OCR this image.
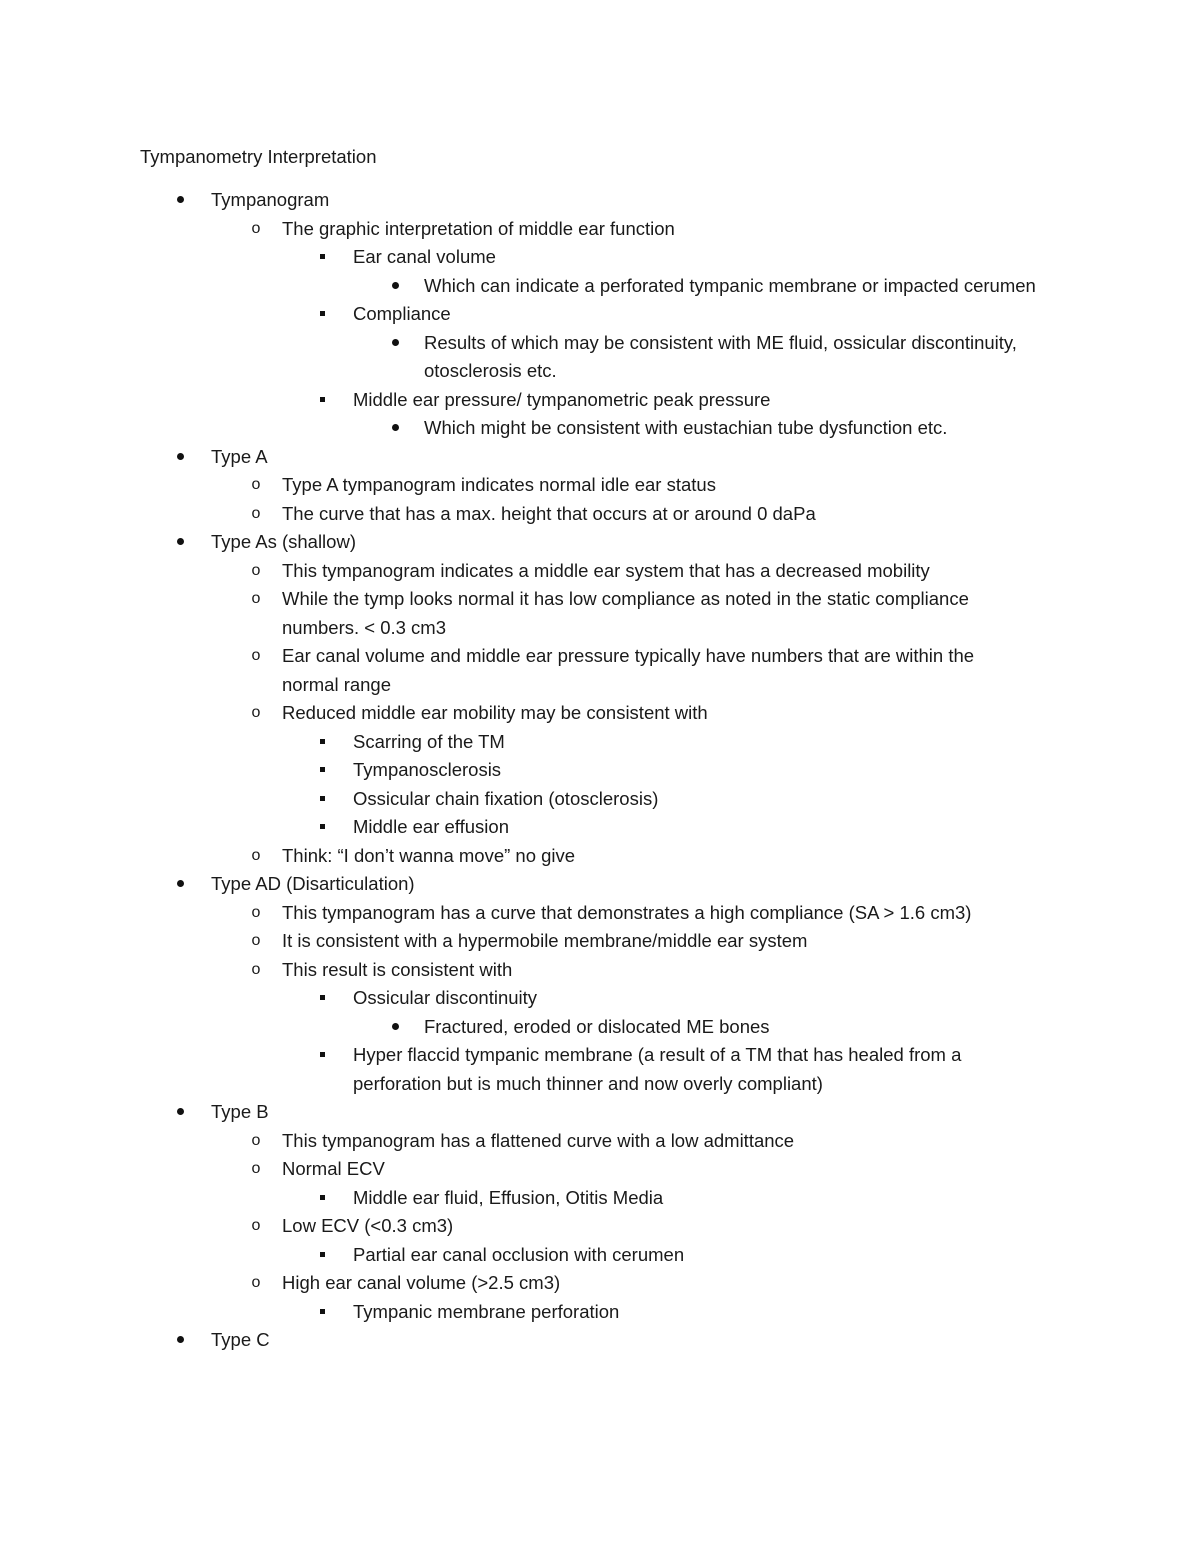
Tympanometry Interpretation
Tympanogram
o The graphic interpretation of middle ear function
Ear canal volume
Which can indicate a perforated tympanic membrane or impacted cerumen
Compliance
Results of which may be consistent with ME fluid, ossicular discontinuity, otosclerosis etc.
Middle ear pressure/ tympanometric peak pressure
Which might be consistent with eustachian tube dysfunction etc.
Type A
o Type A tympanogram indicates normal idle ear status
o The curve that has a max. height that occurs at or around 0 daPa
Type As (shallow)
o This tympanogram indicates a middle ear system that has a decreased mobility
o While the tymp looks normal it has low compliance as noted in the static compliance numbers. < 0.3 cm3
o Ear canal volume and middle ear pressure typically have numbers that are within the normal range
o Reduced middle ear mobility may be consistent with
Scarring of the TM
Tympanosclerosis
Ossicular chain fixation (otosclerosis)
Middle ear effusion
o Think: “I don’t wanna move” no give
Type AD (Disarticulation)
o This tympanogram has a curve that demonstrates a high compliance (SA > 1.6 cm3)
o It is consistent with a hypermobile membrane/middle ear system
o This result is consistent with
Ossicular discontinuity
Fractured, eroded or dislocated ME bones
Hyper flaccid tympanic membrane (a result of a TM that has healed from a perforation but is much thinner and now overly compliant)
Type B
o This tympanogram has a flattened curve with a low admittance
o Normal ECV
Middle ear fluid, Effusion, Otitis Media
o Low ECV (<0.3 cm3)
Partial ear canal occlusion with cerumen
o High ear canal volume (>2.5 cm3)
Tympanic membrane perforation
Type C
